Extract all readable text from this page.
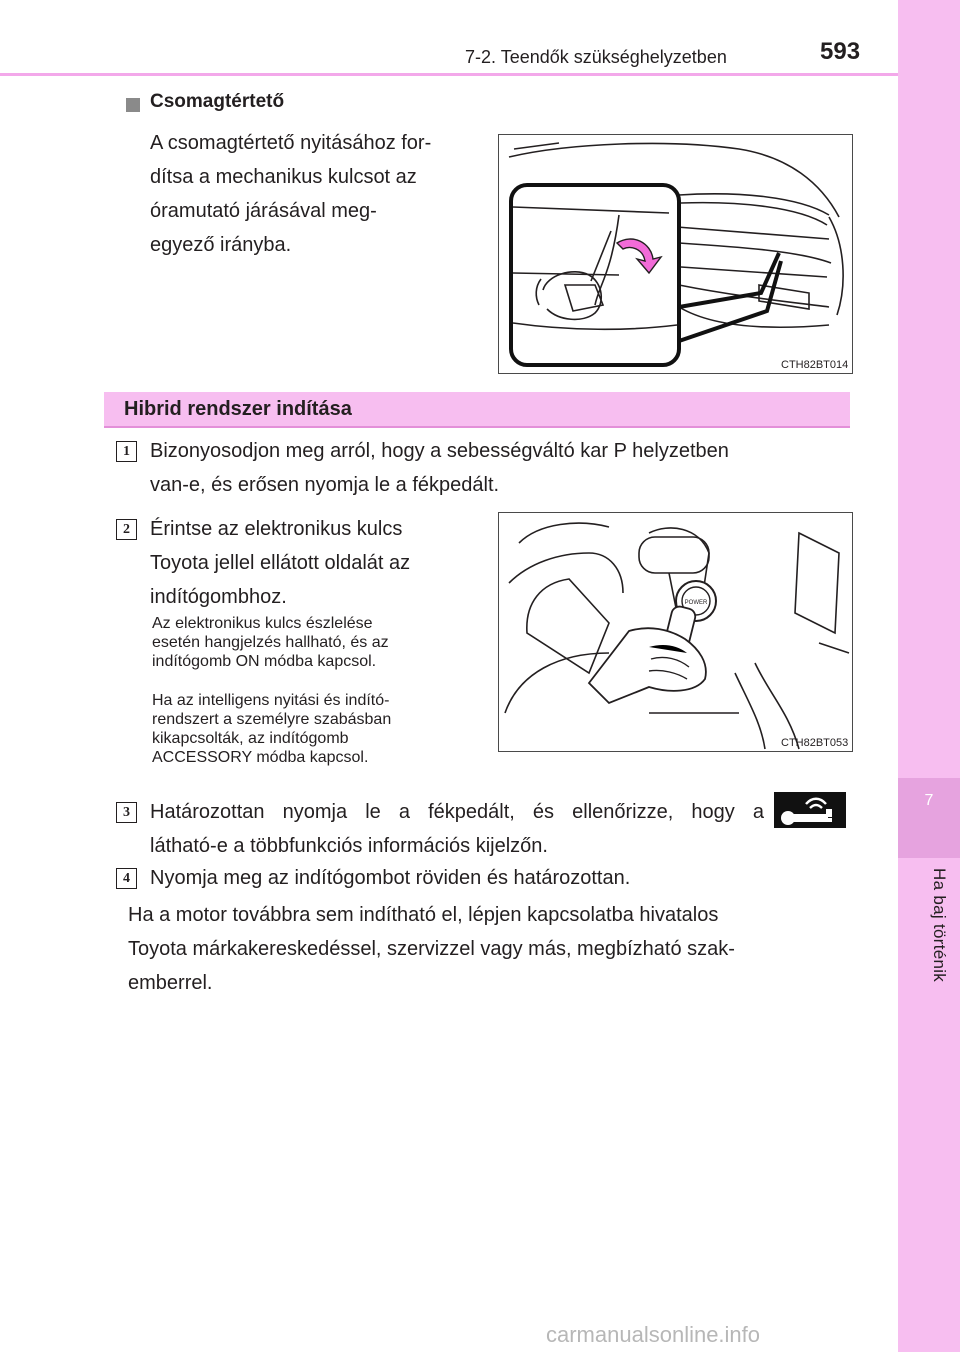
7-2. Teendők szükséghelyzetben	593
7
Ha baj történik
Csomagtértető
A csomagtértető nyitásához for-
dítsa a mechanikus kulcsot az
óramutató járásával meg-
egyező irányba.
CTH82BT014
Hibrid rendszer indítása
1	Bizonyosodjon meg arról, hogy a sebességváltó kar P helyzetben
van-e, és erősen nyomja le a fékpedált.
2	Érintse az elektronikus kulcs
Toyota jellel ellátott oldalát az
indítógombhoz.
Az elektronikus kulcs észlelése
esetén hangjelzés hallható, és az
indítógomb ON módba kapcsol.
Ha az intelligens nyitási és indító-
rendszert a személyre szabásban
kikapcsolták, az indítógomb
ACCESSORY módba kapcsol.
POWER
CTH82BT053
3	Határozottan nyomja le a fékpedált, és ellenőrizze, hogy a
látható-e a többfunkciós információs kijelzőn.
4	Nyomja meg az indítógombot röviden és határozottan.
Ha a motor továbbra sem indítható el, lépjen kapcsolatba hivatalos
Toyota márkakereskedéssel, szervizzel vagy más, megbízható szak-
emberrel.
carmanualsonline.info
